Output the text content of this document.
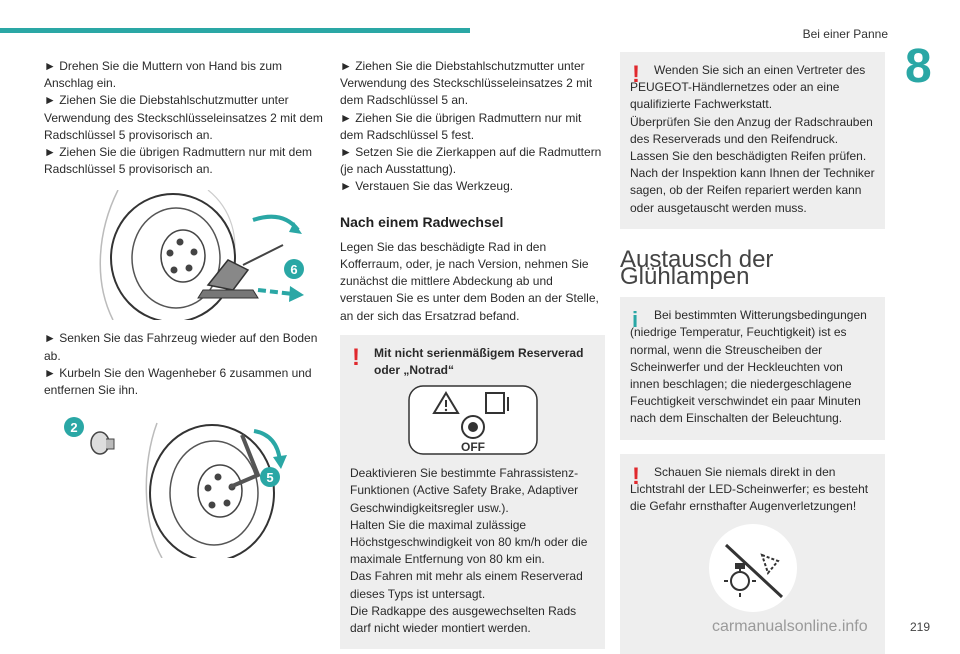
Bei einer Panne
8

► Drehen Sie die Muttern von Hand bis zum Anschlag ein.
► Ziehen Sie die Diebstahlschutzmutter unter Verwendung des Steckschlüsseleinsatzes 2 mit dem Radschlüssel 5 provisorisch an.
► Ziehen Sie die übrigen Radmuttern nur mit dem Radschlüssel 5 provisorisch an.

6

► Senken Sie das Fahrzeug wieder auf den Boden ab.
► Kurbeln Sie den Wagenheber 6 zusammen und entfernen Sie ihn.

2
5

► Ziehen Sie die Diebstahlschutzmutter unter Verwendung des Steckschlüsseleinsatzes 2 mit dem Radschlüssel 5 an.
► Ziehen Sie die übrigen Radmuttern nur mit dem Radschlüssel 5 fest.
► Setzen Sie die Zierkappen auf die Radmuttern (je nach Ausstattung).
► Verstauen Sie das Werkzeug.

Nach einem Radwechsel

Legen Sie das beschädigte Rad in den Kofferraum, oder, je nach Version, nehmen Sie zunächst die mittlere Abdeckung ab und verstauen Sie es unter dem Boden an der Stelle, an der sich das Ersatzrad befand.

! Mit nicht serienmäßigem Reserverad oder „Notrad“

OFF

Deaktivieren Sie bestimmte Fahrassistenz-Funktionen (Active Safety Brake, Adaptiver Geschwindigkeitsregler usw.).
Halten Sie die maximal zulässige Höchstgeschwindigkeit von 80 km/h oder die maximale Entfernung von 80 km ein.
Das Fahren mit mehr als einem Reserverad dieses Typs ist untersagt.
Die Radkappe des ausgewechselten Rads darf nicht wieder montiert werden.

!	Wenden Sie sich an einen Vertreter des PEUGEOT-Händlernetzes oder an eine qualifizierte Fachwerkstatt.
Überprüfen Sie den Anzug der Radschrauben des Reserverads und den Reifendruck.
Lassen Sie den beschädigten Reifen prüfen.
Nach der Inspektion kann Ihnen der Techniker sagen, ob der Reifen repariert werden kann oder ausgetauscht werden muss.

Austausch der Glühlampen
i	Bei bestimmten Witterungsbedingungen (niedrige Temperatur, Feuchtigkeit) ist es normal, wenn die Streuscheiben der Scheinwerfer und der Heckleuchten von innen beschlagen; die niedergeschlagene Feuchtigkeit verschwindet ein paar Minuten nach dem Einschalten der Beleuchtung.

!	Schauen Sie niemals direkt in den Lichtstrahl der LED-Scheinwerfer; es besteht die Gefahr ernsthafter Augenverletzungen!

carmanualsonline.info	219
